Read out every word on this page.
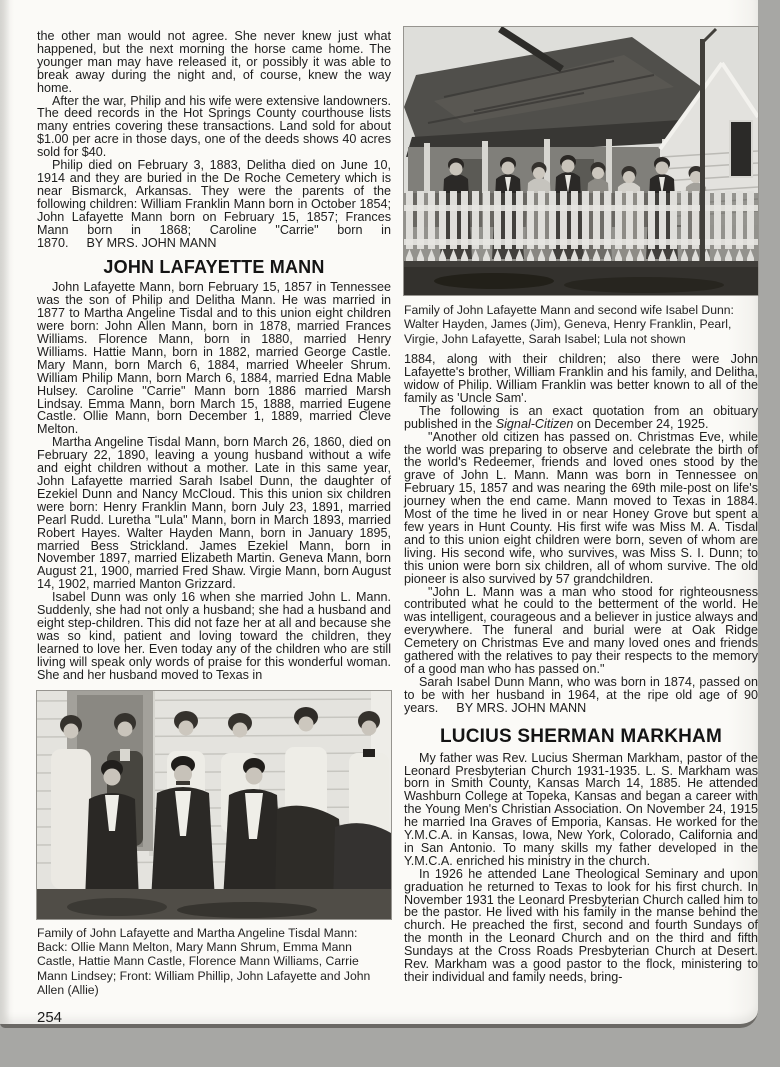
the other man would not agree. She never knew just what happened, but the next morning the horse came home. The younger man may have released it, or possibly it was able to break away during the night and, of course, knew the way home.

After the war, Philip and his wife were extensive landowners. The deed records in the Hot Springs County courthouse lists many entries covering these transactions. Land sold for about $1.00 per acre in those days, one of the deeds shows 40 acres sold for $40.

Philip died on February 3, 1883, Delitha died on June 10, 1914 and they are buried in the De Roche Cemetery which is near Bismarck, Arkansas. They were the parents of the following children: William Franklin Mann born in October 1854; John Lafayette Mann born on February 15, 1857; Frances Mann born in 1868; Caroline "Carrie" born in 1870. BY MRS. JOHN MANN

JOHN LAFAYETTE MANN

John Lafayette Mann, born February 15, 1857 in Tennessee was the son of Philip and Delitha Mann. He was married in 1877 to Martha Angeline Tisdal and to this union eight children were born: John Allen Mann, born in 1878, married Frances Williams. Florence Mann, born in 1880, married Henry Williams. Hattie Mann, born in 1882, married George Castle. Mary Mann, born March 6, 1884, married Wheeler Shrum. William Philip Mann, born March 6, 1884, married Edna Mable Hulsey. Caroline "Carrie" Mann born 1886 married Marsh Lindsay. Emma Mann, born March 15, 1888, married Eugene Castle. Ollie Mann, born December 1, 1889, married Cleve Melton.

Martha Angeline Tisdal Mann, born March 26, 1860, died on February 22, 1890, leaving a young husband without a wife and eight children without a mother. Late in this same year, John Lafayette married Sarah Isabel Dunn, the daughter of Ezekiel Dunn and Nancy McCloud. This this union six children were born: Henry Franklin Mann, born July 23, 1891, married Pearl Rudd. Luretha "Lula" Mann, born in March 1893, married Robert Hayes. Walter Hayden Mann, born in January 1895, married Bess Strickland. James Ezekiel Mann, born in November 1897, married Elizabeth Martin. Geneva Mann, born August 21, 1900, married Fred Shaw. Virgie Mann, born August 14, 1902, married Manton Grizzard.

Isabel Dunn was only 16 when she married John L. Mann. Suddenly, she had not only a husband; she had a husband and eight step-children. This did not faze her at all and because she was so kind, patient and loving toward the children, they learned to love her. Even today any of the children who are still living will speak only words of praise for this wonderful woman. She and her husband moved to Texas in

Family of John Lafayette and Martha Angeline Tisdal Mann: Back: Ollie Mann Melton, Mary Mann Shrum, Emma Mann Castle, Hattie Mann Castle, Florence Mann Williams, Carrie Mann Lindsey; Front: William Phillip, John Lafayette and John Allen (Allie)
254
Family of John Lafayette Mann and second wife Isabel Dunn: Walter Hayden, James (Jim), Geneva, Henry Franklin, Pearl, Virgie, John Lafayette, Sarah Isabel; Lula not shown

1884, along with their children; also there were John Lafayette's brother, William Franklin and his family, and Delitha, widow of Philip. William Franklin was better known to all of the family as 'Uncle Sam'.

The following is an exact quotation from an obituary published in the Signal-Citizen on December 24, 1925.

"Another old citizen has passed on. Christmas Eve, while the world was preparing to observe and celebrate the birth of the world's Redeemer, friends and loved ones stood by the grave of John L. Mann. Mann was born in Tennessee on February 15, 1857 and was nearing the 69th mile-post on life's journey when the end came. Mann moved to Texas in 1884. Most of the time he lived in or near Honey Grove but spent a few years in Hunt County. His first wife was Miss M. A. Tisdal and to this union eight children were born, seven of whom are living. His second wife, who survives, was Miss S. I. Dunn; to this union were born six children, all of whom survive. The old pioneer is also survived by 57 grandchildren.

"John L. Mann was a man who stood for righteousness contributed what he could to the betterment of the world. He was intelligent, courageous and a believer in justice always and everywhere. The funeral and burial were at Oak Ridge Cemetery on Christmas Eve and many loved ones and friends gathered with the relatives to pay their respects to the memory of a good man who has passed on."

Sarah Isabel Dunn Mann, who was born in 1874, passed on to be with her husband in 1964, at the ripe old age of 90 years. BY MRS. JOHN MANN

LUCIUS SHERMAN MARKHAM

My father was Rev. Lucius Sherman Markham, pastor of the Leonard Presbyterian Church 1931-1935. L. S. Markham was born in Smith County, Kansas March 14, 1885. He attended Washburn College at Topeka, Kansas and began a career with the Young Men's Christian Association. On November 24, 1915 he married Ina Graves of Emporia, Kansas. He worked for the Y.M.C.A. in Kansas, Iowa, New York, Colorado, California and in San Antonio. To many skills my father developed in the Y.M.C.A. enriched his ministry in the church.

In 1926 he attended Lane Theological Seminary and upon graduation he returned to Texas to look for his first church. In November 1931 the Leonard Presbyterian Church called him to be the pastor. He lived with his family in the manse behind the church. He preached the first, second and fourth Sundays of the month in the Leonard Church and on the third and fifth Sundays at the Cross Roads Presbyterian Church at Desert. Rev. Markham was a good pastor to the flock, ministering to their individual and family needs, bring-
